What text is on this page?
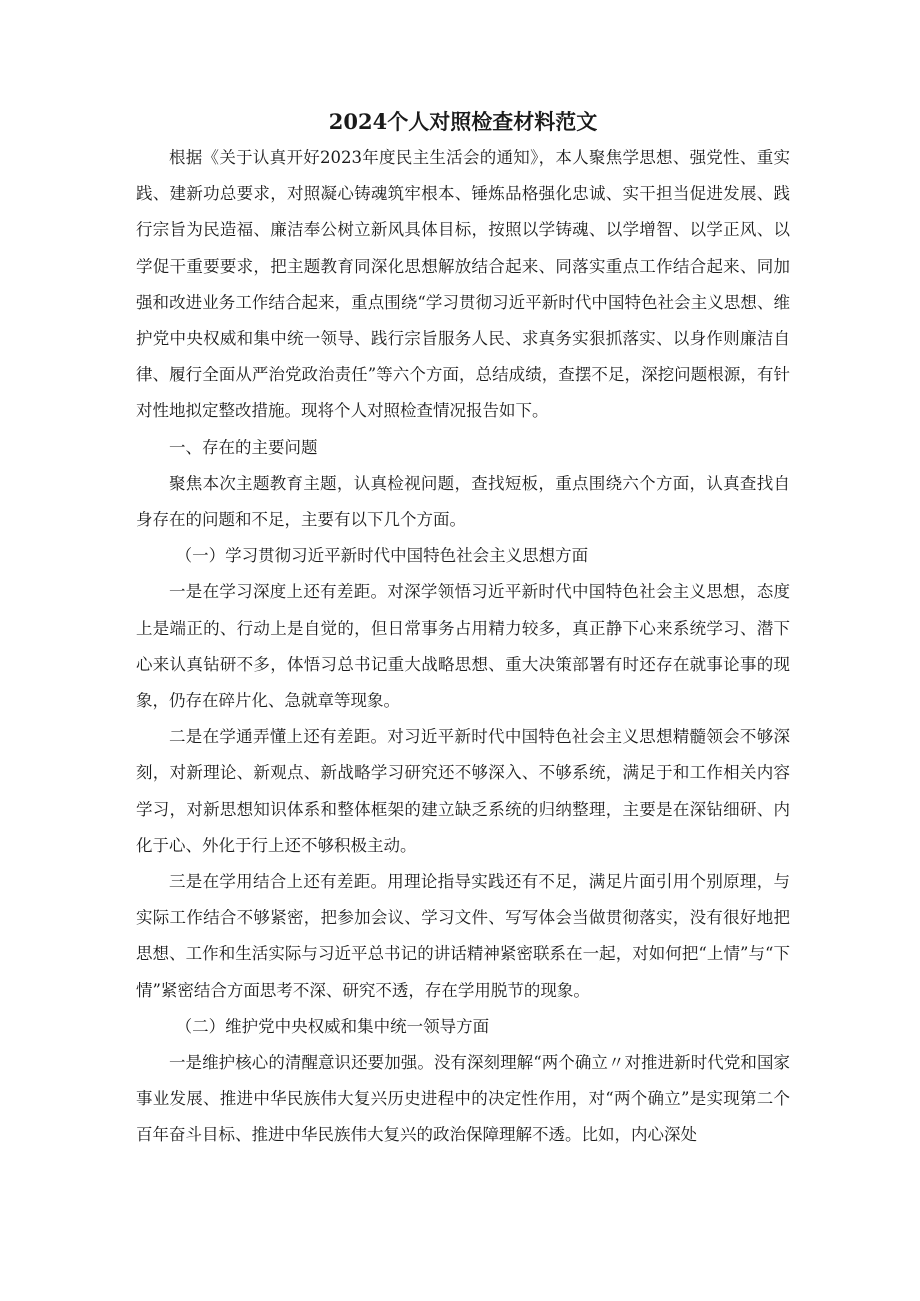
2024个人对照检查材料范文

根据《关于认真开好2023年度民主生活会的通知》，本人聚焦学思想、强党性、重实践、建新功总要求，对照凝心铸魂筑牢根本、锤炼品格强化忠诚、实干担当促进发展、践行宗旨为民造福、廉洁奉公树立新风具体目标，按照以学铸魂、以学增智、以学正风、以学促干重要要求，把主题教育同深化思想解放结合起来、同落实重点工作结合起来、同加强和改进业务工作结合起来，重点围绕“学习贯彻习近平新时代中国特色社会主义思想、维护党中央权威和集中统一领导、践行宗旨服务人民、求真务实狠抓落实、以身作则廉洁自律、履行全面从严治党政治责任”等六个方面，总结成绩，查摆不足，深挖问题根源，有针对性地拟定整改措施。现将个人对照检查情况报告如下。

一、存在的主要问题

聚焦本次主题教育主题，认真检视问题，查找短板，重点围绕六个方面，认真查找自身存在的问题和不足，主要有以下几个方面。

（一）学习贯彻习近平新时代中国特色社会主义思想方面

一是在学习深度上还有差距。对深学领悟习近平新时代中国特色社会主义思想，态度上是端正的、行动上是自觉的，但日常事务占用精力较多，真正静下心来系统学习、潜下心来认真钻研不多，体悟习总书记重大战略思想、重大决策部署有时还存在就事论事的现象，仍存在碎片化、急就章等现象。

二是在学通弄懂上还有差距。对习近平新时代中国特色社会主义思想精髓领会不够深刻，对新理论、新观点、新战略学习研究还不够深入、不够系统，满足于和工作相关内容学习，对新思想知识体系和整体框架的建立缺乏系统的归纳整理，主要是在深钻细研、内化于心、外化于行上还不够积极主动。

三是在学用结合上还有差距。用理论指导实践还有不足，满足片面引用个别原理，与实际工作结合不够紧密，把参加会议、学习文件、写写体会当做贯彻落实，没有很好地把思想、工作和生活实际与习近平总书记的讲话精神紧密联系在一起，对如何把“上情”与“下情”紧密结合方面思考不深、研究不透，存在学用脱节的现象。

（二）维护党中央权威和集中统一领导方面

一是维护核心的清醒意识还要加强。没有深刻理解“两个确立〃对推进新时代党和国家事业发展、推进中华民族伟大复兴历史进程中的决定性作用，对“两个确立”是实现第二个百年奋斗目标、推进中华民族伟大复兴的政治保障理解不透。比如，内心深处
